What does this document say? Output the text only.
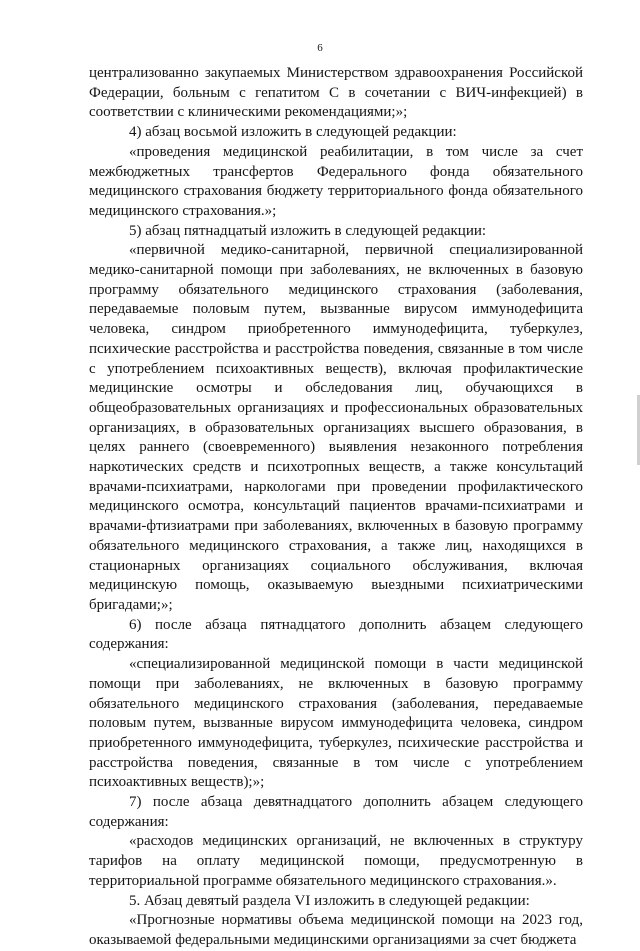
6

централизованно закупаемых Министерством здравоохранения Российской Федерации, больным с гепатитом С в сочетании с ВИЧ-инфекцией) в соответствии с клиническими рекомендациями;»;

4) абзац восьмой изложить в следующей редакции:

«проведения медицинской реабилитации, в том числе за счет межбюджетных трансфертов Федерального фонда обязательного медицинского страхования бюджету территориального фонда обязательного медицинского страхования.»;

5) абзац пятнадцатый изложить в следующей редакции:

«первичной медико-санитарной, первичной специализированной медико-санитарной помощи при заболеваниях, не включенных в базовую программу обязательного медицинского страхования (заболевания, передаваемые половым путем, вызванные вирусом иммунодефицита человека, синдром приобретенного иммунодефицита, туберкулез, психические расстройства и расстройства поведения, связанные в том числе с употреблением психоактивных веществ), включая профилактические медицинские осмотры и обследования лиц, обучающихся в общеобразовательных организациях и профессиональных образовательных организациях, в образовательных организациях высшего образования, в целях раннего (своевременного) выявления незаконного потребления наркотических средств и психотропных веществ, а также консультаций врачами-психиатрами, наркологами при проведении профилактического медицинского осмотра, консультаций пациентов врачами-психиатрами и врачами-фтизиатрами при заболеваниях, включенных в базовую программу обязательного медицинского страхования, а также лиц, находящихся в стационарных организациях социального обслуживания, включая медицинскую помощь, оказываемую выездными психиатрическими бригадами;»;

6) после абзаца пятнадцатого дополнить абзацем следующего содержания:

«специализированной медицинской помощи в части медицинской помощи при заболеваниях, не включенных в базовую программу обязательного медицинского страхования (заболевания, передаваемые половым путем, вызванные вирусом иммунодефицита человека, синдром приобретенного иммунодефицита, туберкулез, психические расстройства и расстройства поведения, связанные в том числе с употреблением психоактивных веществ);»;

7) после абзаца девятнадцатого дополнить абзацем следующего содержания:

«расходов медицинских организаций, не включенных в структуру тарифов на оплату медицинской помощи, предусмотренную в территориальной программе обязательного медицинского страхования.».

5. Абзац девятый раздела VI изложить в следующей редакции:

«Прогнозные нормативы объема медицинской помощи на 2023 год, оказываемой федеральными медицинскими организациями за счет бюджета
